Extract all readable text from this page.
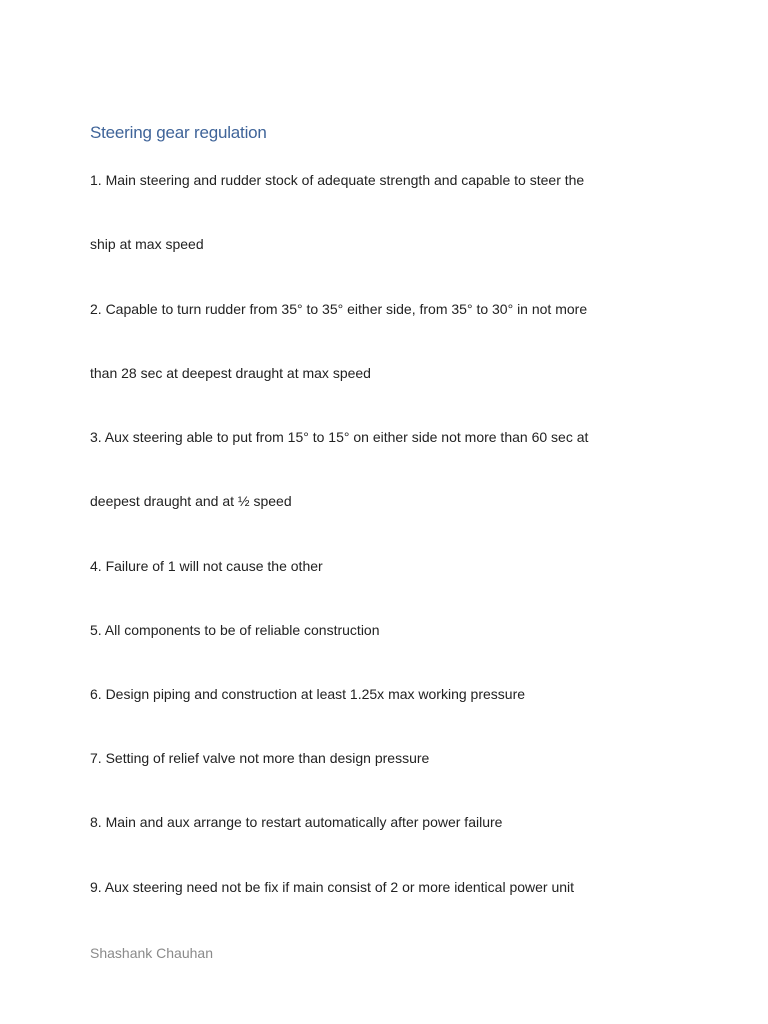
Steering gear regulation

1. Main steering and rudder stock of adequate strength and capable to steer the

ship at max speed

2. Capable to turn rudder from 35° to 35° either side, from 35° to 30° in not more

than 28 sec at deepest draught at max speed

3. Aux steering able to put from 15° to 15° on either side not more than 60 sec at

deepest draught and at ½ speed

4. Failure of 1 will not cause the other

5. All components to be of reliable construction

6. Design piping and construction at least 1.25x max working pressure

7. Setting of relief valve not more than design pressure

8. Main and aux arrange to restart automatically after power failure

9. Aux steering need not be fix if main consist of 2 or more identical power unit

Shashank Chauhan
